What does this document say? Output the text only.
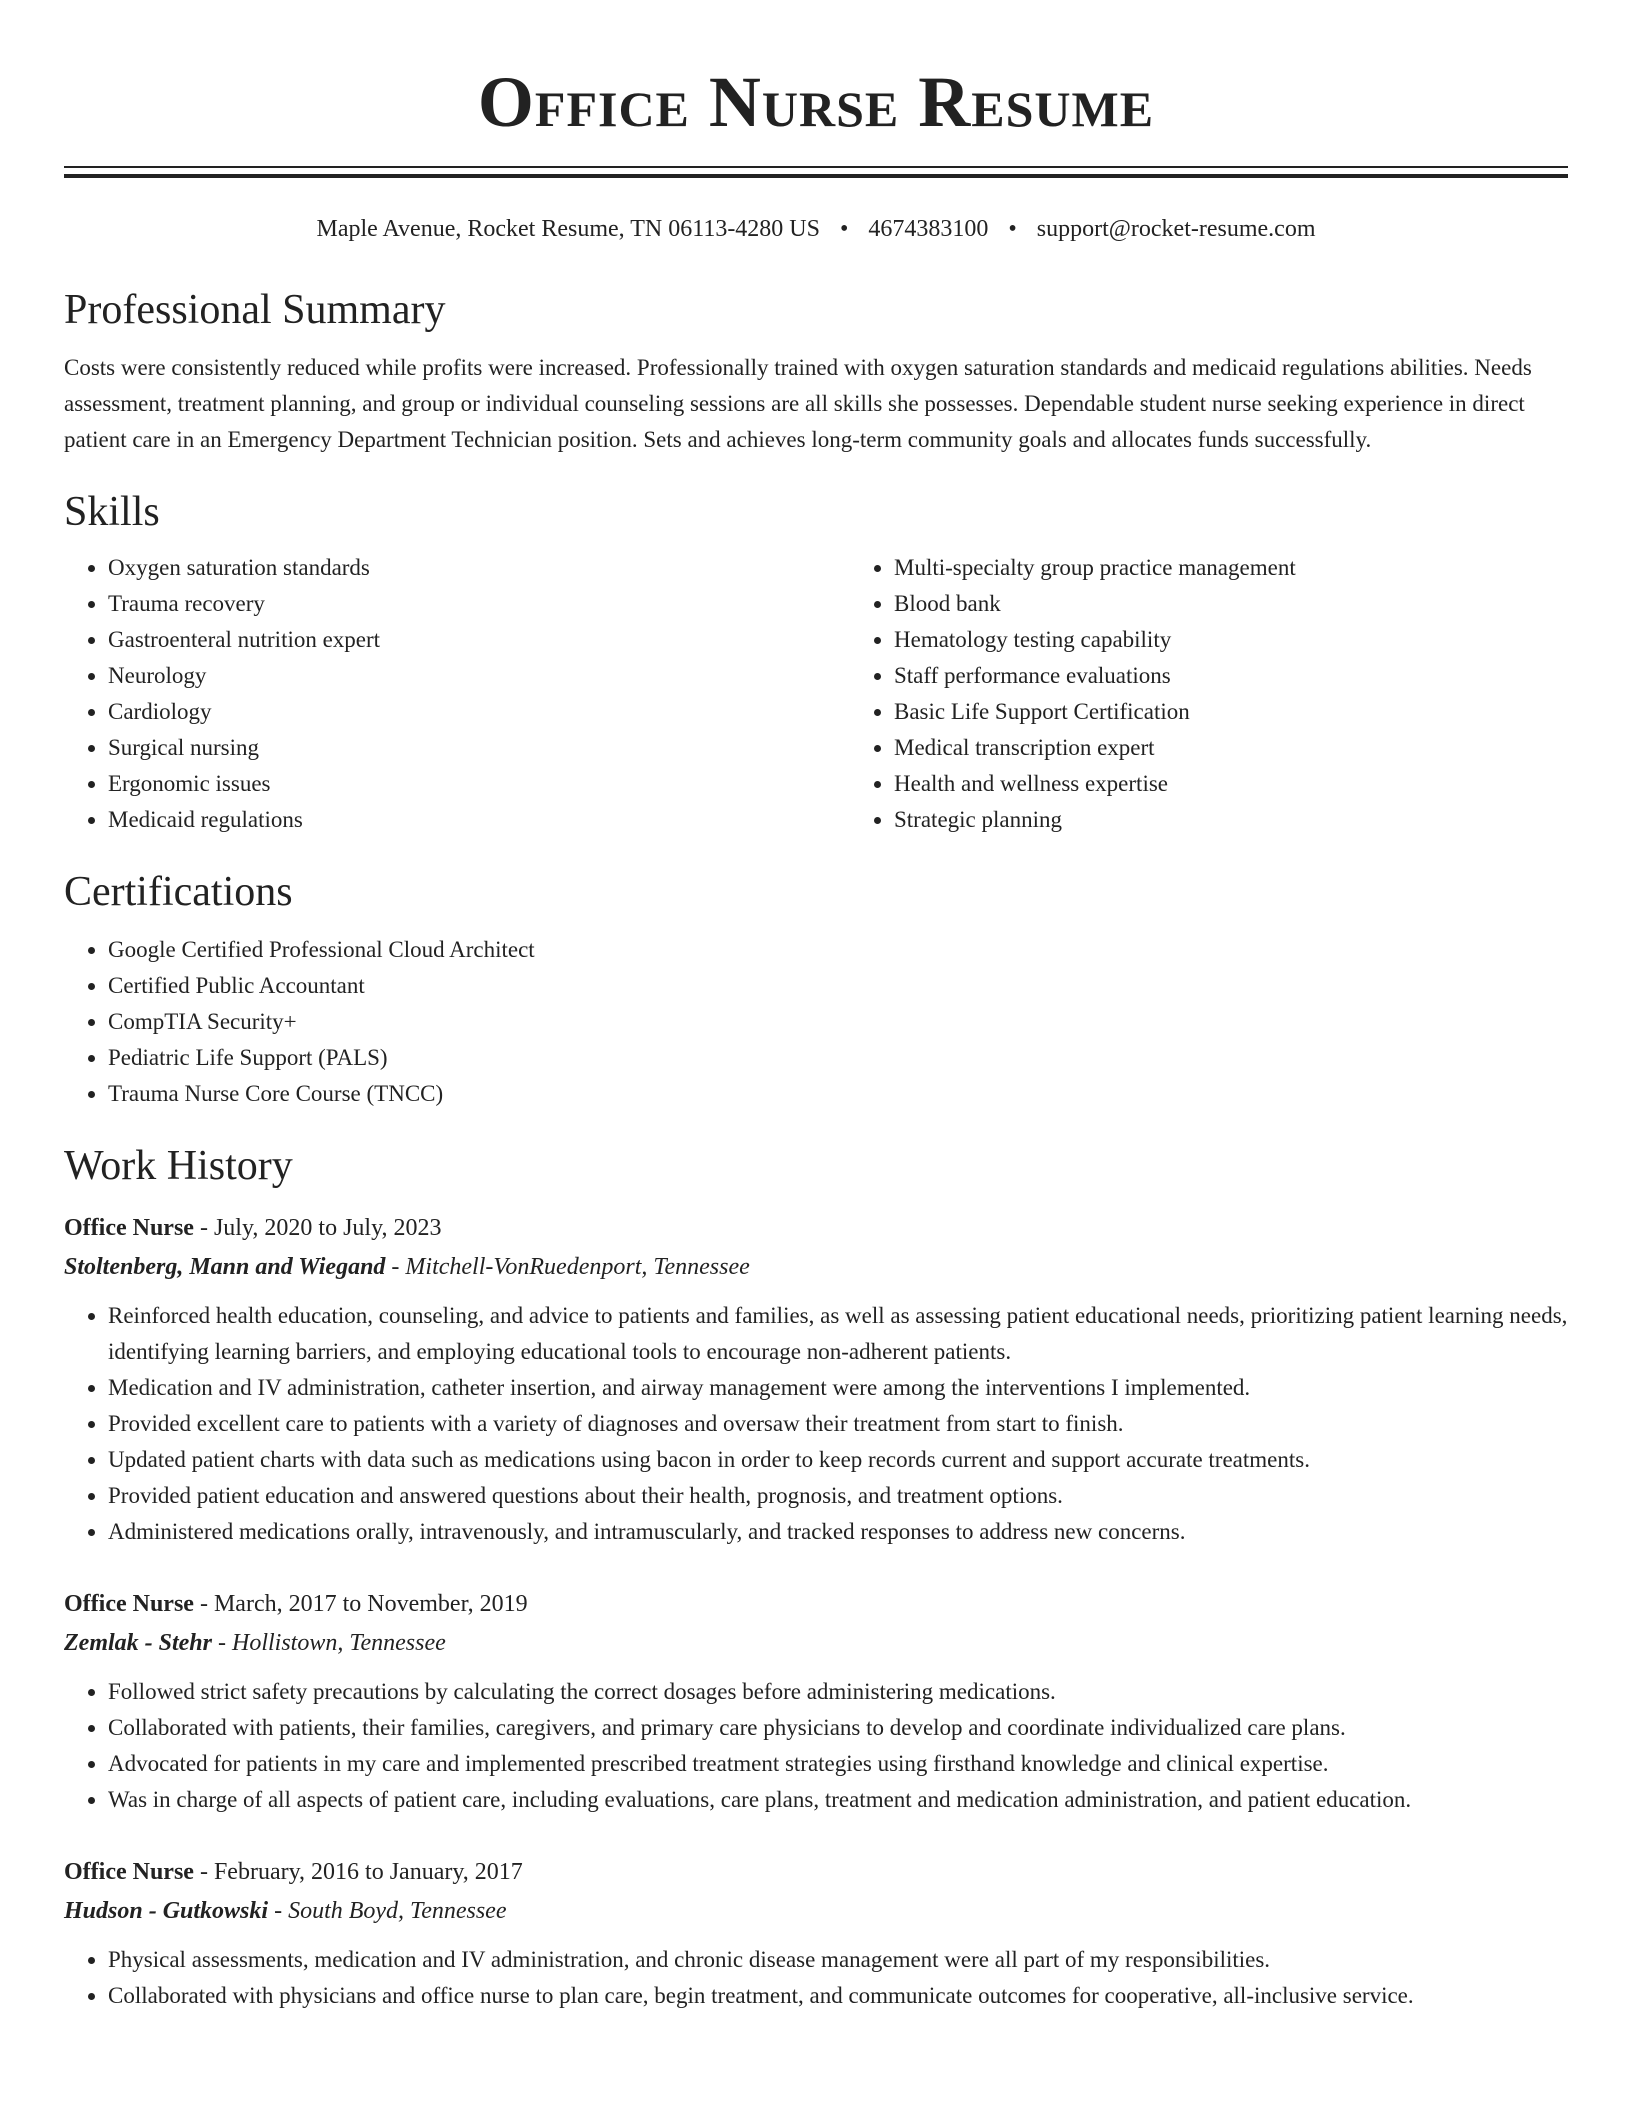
Office Nurse Resume
Maple Avenue, Rocket Resume, TN 06113-4280 US • 4674383100 • support@rocket-resume.com
Professional Summary

Costs were consistently reduced while profits were increased. Professionally trained with oxygen saturation standards and medicaid regulations abilities. Needs assessment, treatment planning, and group or individual counseling sessions are all skills she possesses. Dependable student nurse seeking experience in direct patient care in an Emergency Department Technician position. Sets and achieves long-term community goals and allocates funds successfully.

Skills
• Oxygen saturation standards
• Trauma recovery
• Gastroenteral nutrition expert
• Neurology
• Cardiology
• Surgical nursing
• Ergonomic issues
• Medicaid regulations
• Multi-specialty group practice management
• Blood bank
• Hematology testing capability
• Staff performance evaluations
• Basic Life Support Certification
• Medical transcription expert
• Health and wellness expertise
• Strategic planning
Certifications
• Google Certified Professional Cloud Architect
• Certified Public Accountant
• CompTIA Security+
• Pediatric Life Support (PALS)
• Trauma Nurse Core Course (TNCC)
Work History
Office Nurse - July, 2020 to July, 2023
Stoltenberg, Mann and Wiegand - Mitchell-VonRuedenport, Tennessee
• Reinforced health education, counseling, and advice to patients and families, as well as assessing patient educational needs, prioritizing patient learning needs, identifying learning barriers, and employing educational tools to encourage non-adherent patients.
• Medication and IV administration, catheter insertion, and airway management were among the interventions I implemented.
• Provided excellent care to patients with a variety of diagnoses and oversaw their treatment from start to finish.
• Updated patient charts with data such as medications using bacon in order to keep records current and support accurate treatments.
• Provided patient education and answered questions about their health, prognosis, and treatment options.
• Administered medications orally, intravenously, and intramuscularly, and tracked responses to address new concerns.
Office Nurse - March, 2017 to November, 2019
Zemlak - Stehr - Hollistown, Tennessee
• Followed strict safety precautions by calculating the correct dosages before administering medications.
• Collaborated with patients, their families, caregivers, and primary care physicians to develop and coordinate individualized care plans.
• Advocated for patients in my care and implemented prescribed treatment strategies using firsthand knowledge and clinical expertise.
• Was in charge of all aspects of patient care, including evaluations, care plans, treatment and medication administration, and patient education.
Office Nurse - February, 2016 to January, 2017
Hudson - Gutkowski - South Boyd, Tennessee
• Physical assessments, medication and IV administration, and chronic disease management were all part of my responsibilities.
• Collaborated with physicians and office nurse to plan care, begin treatment, and communicate outcomes for cooperative, all-inclusive service.
